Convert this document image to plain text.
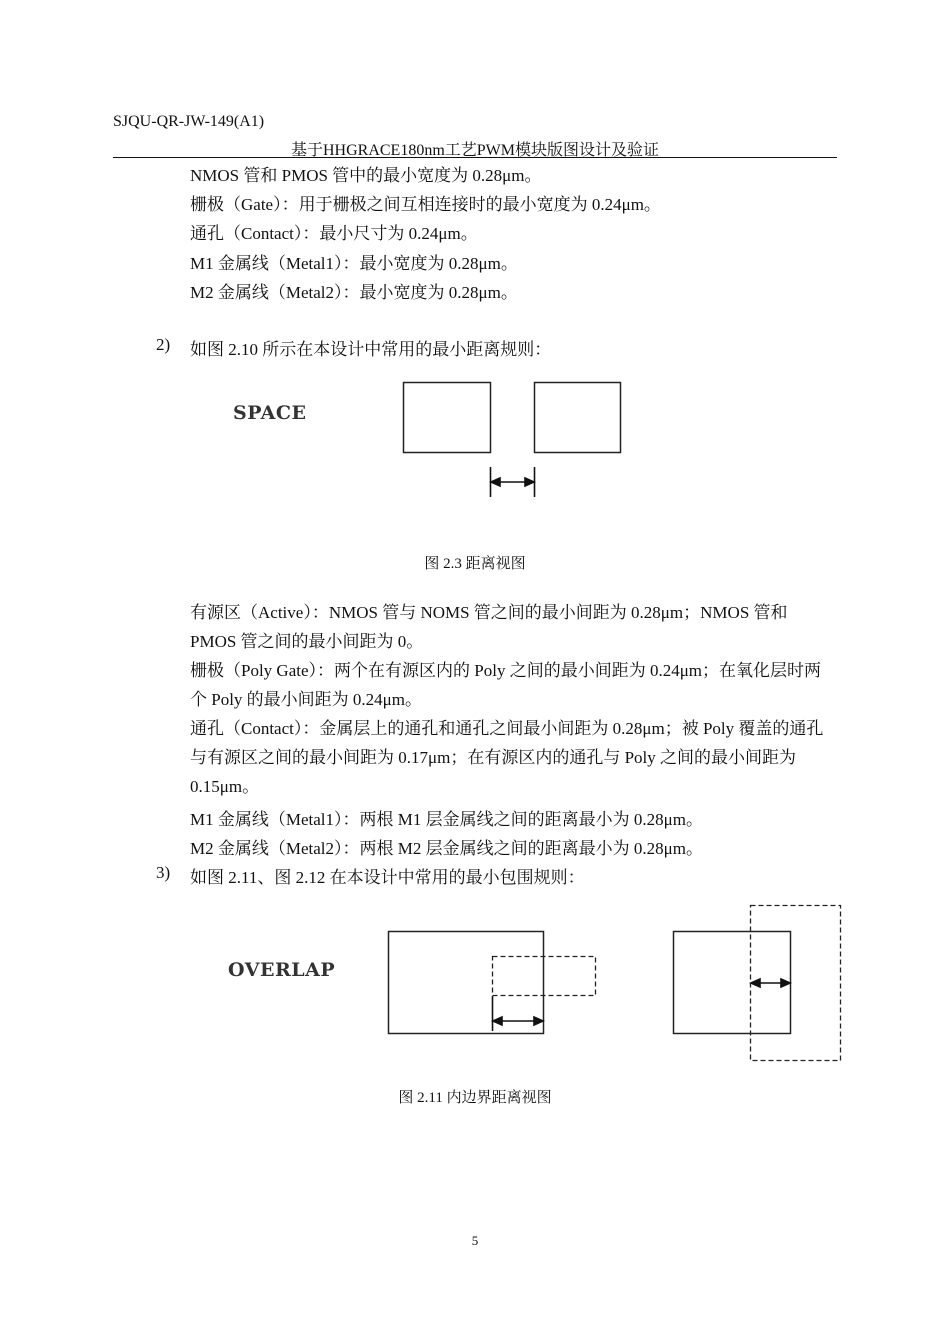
SJQU-QR-JW-149(A1)
基于HHGRACE180nm工艺PWM模块版图设计及验证
NMOS 管和 PMOS 管中的最小宽度为 0.28μm。
栅极（Gate）：用于栅极之间互相连接时的最小宽度为 0.24μm。
通孔（Contact）：最小尺寸为 0.24μm。
M1 金属线（Metal1）：最小宽度为 0.28μm。
M2 金属线（Metal2）：最小宽度为 0.28μm。
2) 如图 2.10 所示在本设计中常用的最小距离规则：
SPACE
图 2.3 距离视图
有源区（Active）：NMOS 管与 NOMS 管之间的最小间距为 0.28μm；NMOS 管和 PMOS 管之间的最小间距为 0。
栅极（Poly Gate）：两个在有源区内的 Poly 之间的最小间距为 0.24μm；在氧化层时两个 Poly 的最小间距为 0.24μm。
通孔（Contact）：金属层上的通孔和通孔之间最小间距为 0.28μm；被 Poly 覆盖的通孔与有源区之间的最小间距为 0.17μm；在有源区内的通孔与 Poly 之间的最小间距为 0.15μm。
M1 金属线（Metal1）：两根 M1 层金属线之间的距离最小为 0.28μm。
M2 金属线（Metal2）：两根 M2 层金属线之间的距离最小为 0.28μm。
3) 如图 2.11、图 2.12 在本设计中常用的最小包围规则：
OVERLAP
图 2.11 内边界距离视图
5
